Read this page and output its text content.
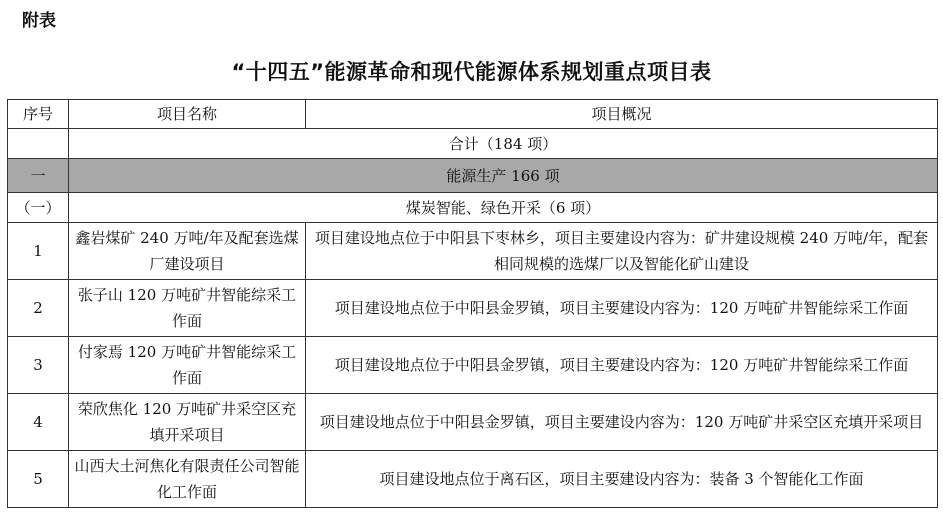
附表
“十四五”能源革命和现代能源体系规划重点项目表
序号	项目名称	项目概况
	合计（184 项）	
一	能源生产 166 项	
（一）	煤炭智能、绿色开采（6 项）	
1	鑫岩煤矿 240 万吨/年及配套选煤厂建设项目	项目建设地点位于中阳县下枣林乡，项目主要建设内容为：矿井建设规模 240 万吨/年，配套相同规模的选煤厂以及智能化矿山建设
2	张子山 120 万吨矿井智能综采工作面	项目建设地点位于中阳县金罗镇，项目主要建设内容为：120 万吨矿井智能综采工作面
3	付家焉 120 万吨矿井智能综采工作面	项目建设地点位于中阳县金罗镇，项目主要建设内容为：120 万吨矿井智能综采工作面
4	荣欣焦化 120 万吨矿井采空区充填开采项目	项目建设地点位于中阳县金罗镇，项目主要建设内容为：120 万吨矿井采空区充填开采项目
5	山西大土河焦化有限责任公司智能化工作面	项目建设地点位于离石区，项目主要建设内容为：装备 3 个智能化工作面
